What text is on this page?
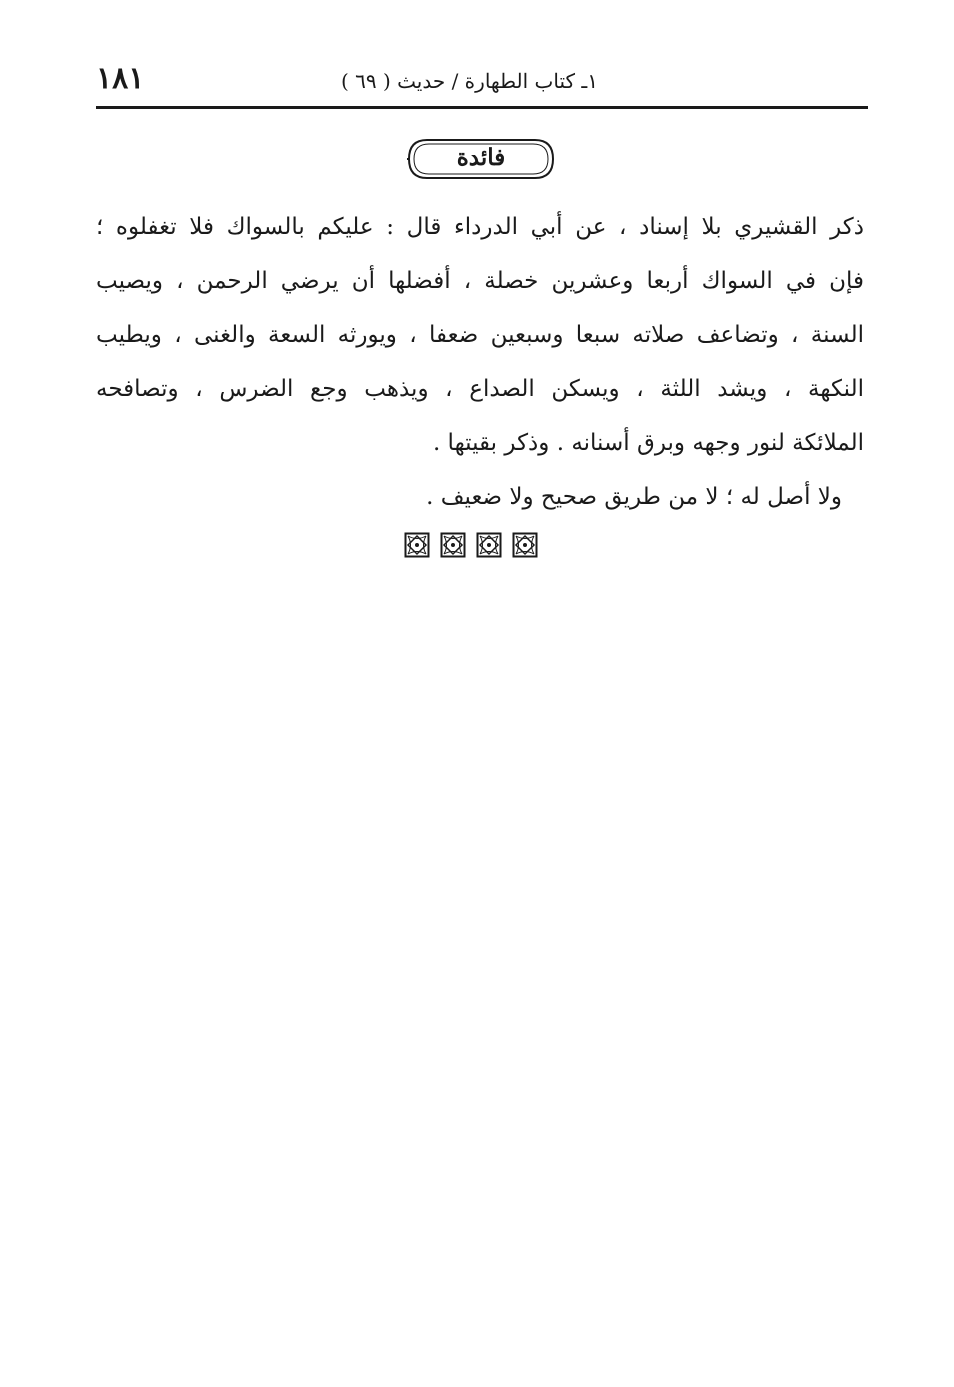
١٨١	١ـ كتاب الطهارة / حديث ( ٦٩ )
فائدة
ذكر القشيري بلا إسناد ، عن أبي الدرداء قال : عليكم بالسواك فلا تغفلوه ؛
فإن في السواك أربعا وعشرين خصلة ، أفضلها أن يرضي الرحمن ، ويصيب
السنة ، وتضاعف صلاته سبعا وسبعين ضعفا ، ويورثه السعة والغنى ، ويطيب
النكهة ، ويشد اللثة ، ويسكن الصداع ، ويذهب وجع الضرس ، وتصافحه
الملائكة لنور وجهه وبرق أسنانه . وذكر بقيتها .
ولا أصل له ؛ لا من طريق صحيح ولا ضعيف .
